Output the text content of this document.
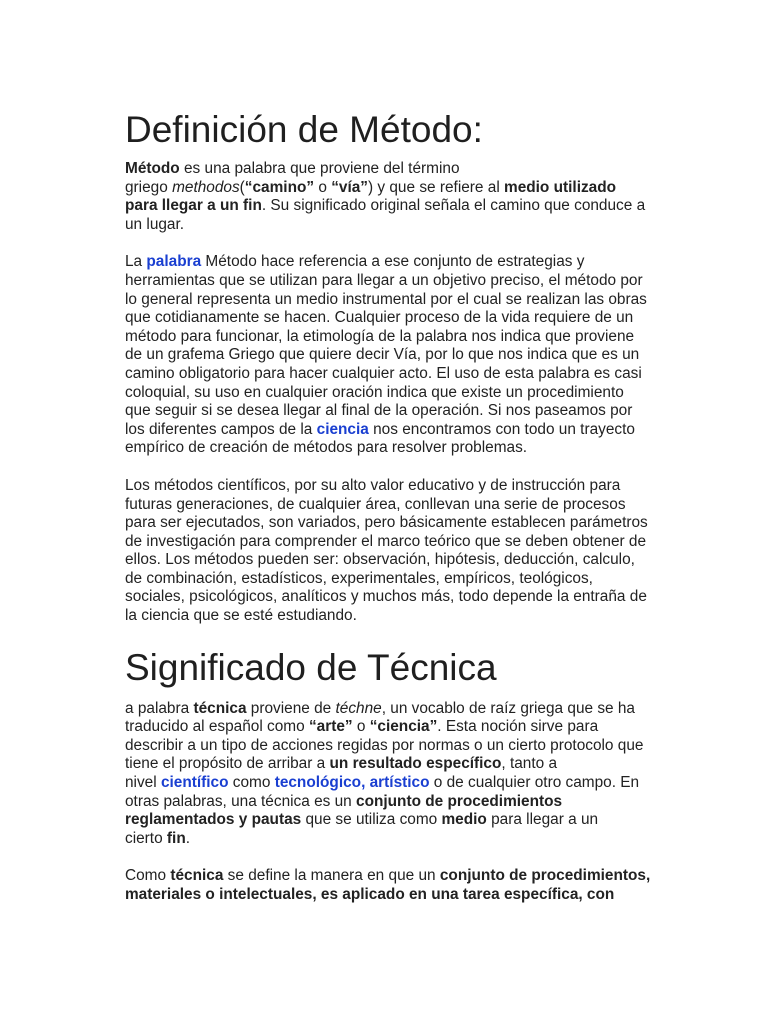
Definición de Método:

Método es una palabra que proviene del término
griego methodos(“camino” o “vía”) y que se refiere al medio utilizado
para llegar a un fin. Su significado original señala el camino que conduce a
un lugar.

La palabra Método hace referencia a ese conjunto de estrategias y
herramientas que se utilizan para llegar a un objetivo preciso, el método por
lo general representa un medio instrumental por el cual se realizan las obras
que cotidianamente se hacen. Cualquier proceso de la vida requiere de un
método para funcionar, la etimología de la palabra nos indica que proviene
de un grafema Griego que quiere decir Vía, por lo que nos indica que es un
camino obligatorio para hacer cualquier acto. El uso de esta palabra es casi
coloquial, su uso en cualquier oración indica que existe un procedimiento
que seguir si se desea llegar al final de la operación. Si nos paseamos por
los diferentes campos de la ciencia nos encontramos con todo un trayecto
empírico de creación de métodos para resolver problemas.

Los métodos científicos, por su alto valor educativo y de instrucción para
futuras generaciones, de cualquier área, conllevan una serie de procesos
para ser ejecutados, son variados, pero básicamente establecen parámetros
de investigación para comprender el marco teórico que se deben obtener de
ellos. Los métodos pueden ser: observación, hipótesis, deducción, calculo,
de combinación, estadísticos, experimentales, empíricos, teológicos,
sociales, psicológicos, analíticos y muchos más, todo depende la entraña de
la ciencia que se esté estudiando.

Significado de Técnica

a palabra técnica proviene de téchne, un vocablo de raíz griega que se ha
traducido al español como “arte” o “ciencia”. Esta noción sirve para
describir a un tipo de acciones regidas por normas o un cierto protocolo que
tiene el propósito de arribar a un resultado específico, tanto a
nivel científico como tecnológico, artístico o de cualquier otro campo. En
otras palabras, una técnica es un conjunto de procedimientos
reglamentados y pautas que se utiliza como medio para llegar a un
cierto fin.

Como técnica se define la manera en que un conjunto de procedimientos,
materiales o intelectuales, es aplicado en una tarea específica, con
